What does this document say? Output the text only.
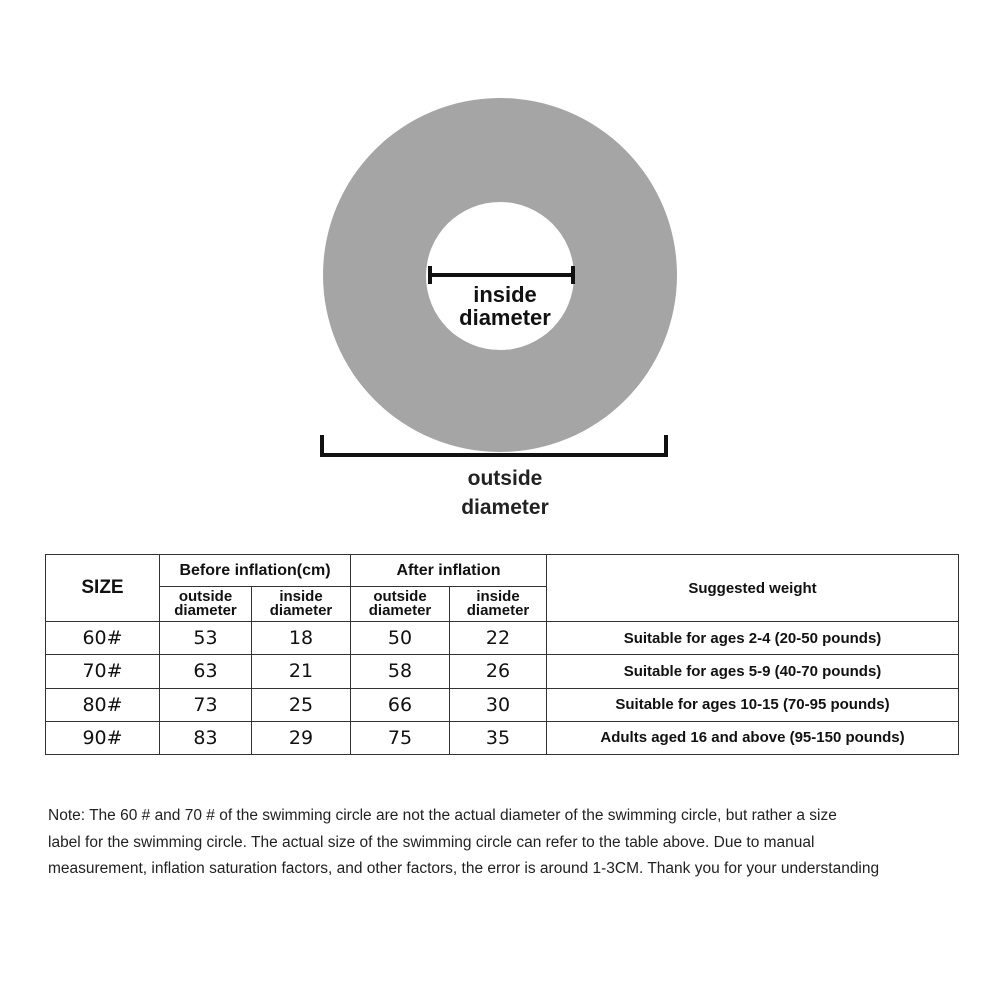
inside
diameter
outside
diameter
SIZE	Before inflation(cm)		After inflation		Suggested weight

	outside
diameter	inside
diameter	outside
diameter	inside
diameter	

60#	53	18	50	22	Suitable for ages 2-4 (20-50 pounds)
70#	63	21	58	26	Suitable for ages 5-9 (40-70 pounds)
80#	73	25	66	30	Suitable for ages 10-15 (70-95 pounds)
90#	83	29	75	35	Adults aged 16 and above (95-150 pounds)
Note: The 60 # and 70 # of the swimming circle are not the actual diameter of the swimming circle, but rather a size
label for the swimming circle. The actual size of the swimming circle can refer to the table above. Due to manual
measurement, inflation saturation factors, and other factors, the error is around 1-3CM. Thank you for your understanding
